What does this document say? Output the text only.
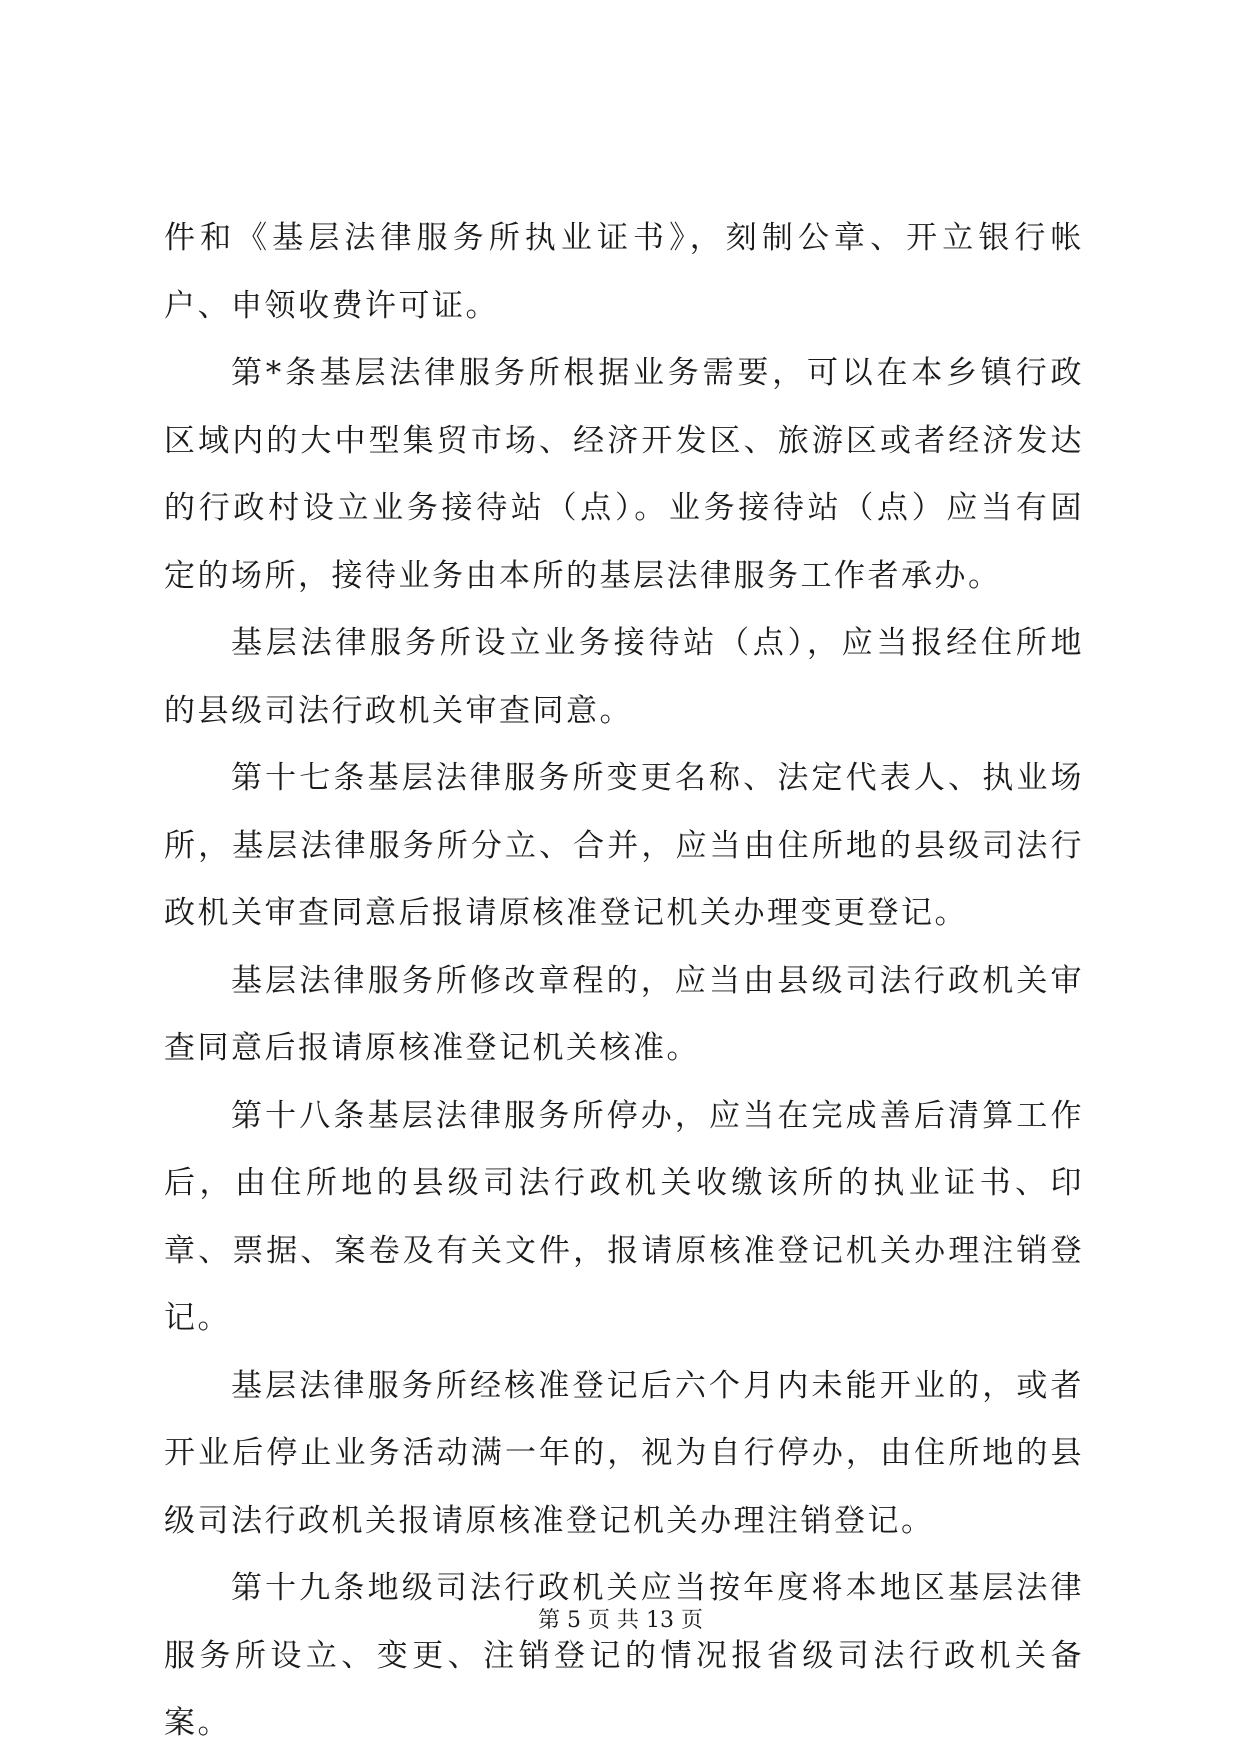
件和《基层法律服务所执业证书》，刻制公章、开立银行帐户、申领收费许可证。

第*条基层法律服务所根据业务需要，可以在本乡镇行政区域内的大中型集贸市场、经济开发区、旅游区或者经济发达的行政村设立业务接待站（点）。业务接待站（点）应当有固定的场所，接待业务由本所的基层法律服务工作者承办。

基层法律服务所设立业务接待站（点），应当报经住所地的县级司法行政机关审查同意。

第十七条基层法律服务所变更名称、法定代表人、执业场所，基层法律服务所分立、合并，应当由住所地的县级司法行政机关审查同意后报请原核准登记机关办理变更登记。

基层法律服务所修改章程的，应当由县级司法行政机关审查同意后报请原核准登记机关核准。

第十八条基层法律服务所停办，应当在完成善后清算工作后，由住所地的县级司法行政机关收缴该所的执业证书、印章、票据、案卷及有关文件，报请原核准登记机关办理注销登记。

基层法律服务所经核准登记后六个月内未能开业的，或者开业后停止业务活动满一年的，视为自行停办，由住所地的县级司法行政机关报请原核准登记机关办理注销登记。

第十九条地级司法行政机关应当按年度将本地区基层法律服务所设立、变更、注销登记的情况报省级司法行政机关备案。

第 5 页 共 13 页
